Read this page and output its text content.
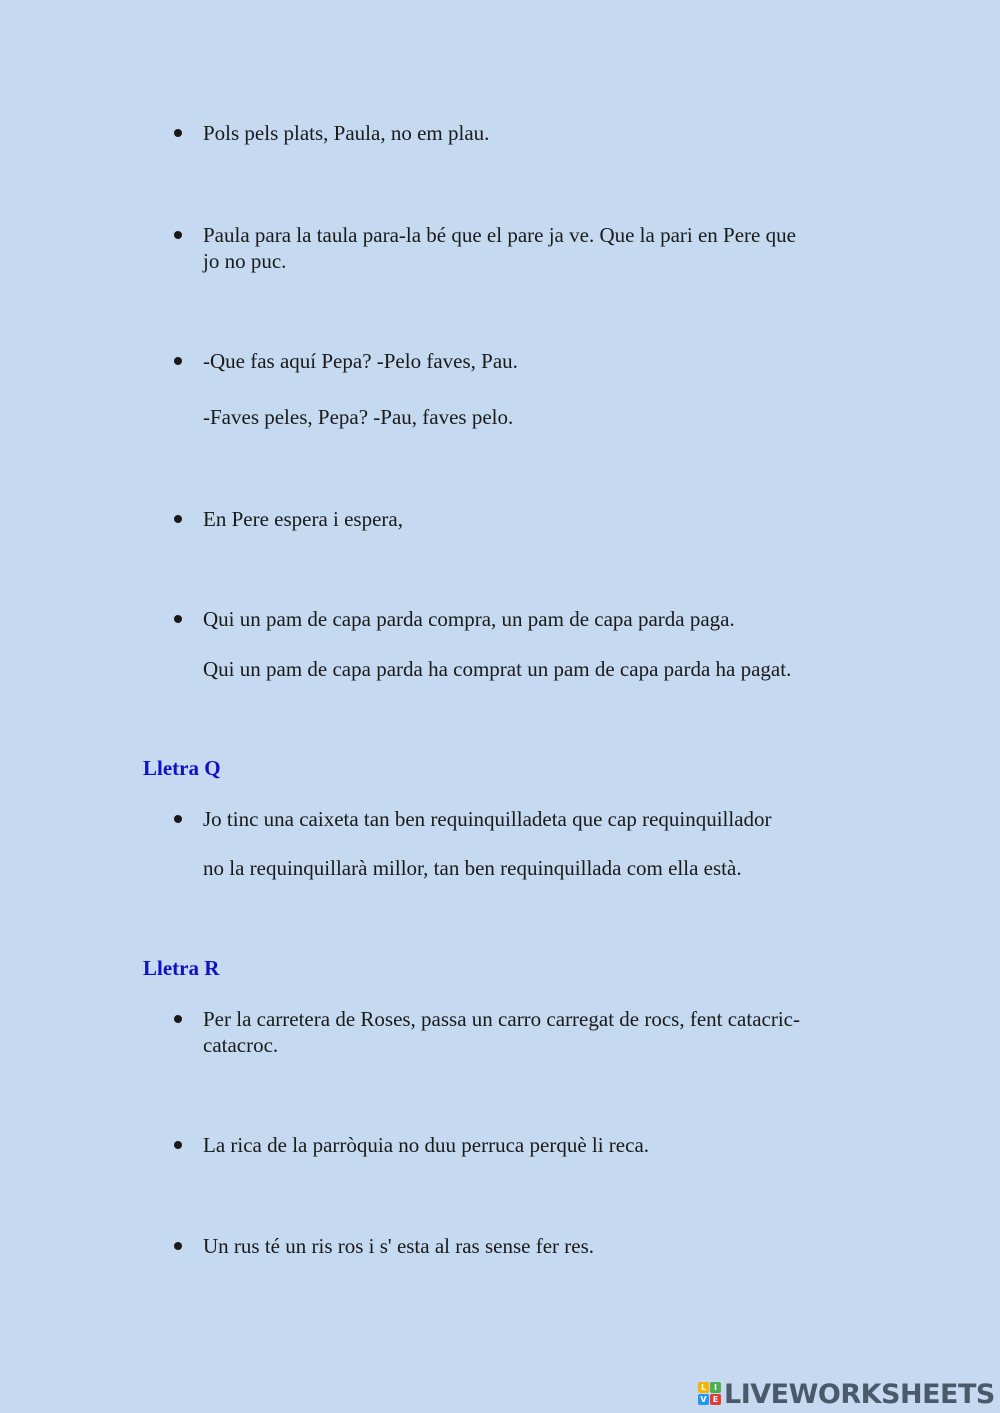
Pols pels plats, Paula, no em plau.
Paula para la taula para-la bé que el pare ja ve. Que la pari en Pere que
jo no puc.
-Que fas aquí Pepa? -Pelo faves, Pau.
-Faves peles, Pepa? -Pau, faves pelo.
En Pere espera i espera,
Qui un pam de capa parda compra, un pam de capa parda paga.
Qui un pam de capa parda ha comprat un pam de capa parda ha pagat.
Lletra Q
Jo tinc una caixeta tan ben requinquilladeta que cap requinquillador
no la requinquillarà millor, tan ben requinquillada com ella està.
Lletra R
Per la carretera de Roses, passa un carro carregat de rocs, fent catacric-
catacroc.
La rica de la parròquia no duu perruca perquè li reca.
Un rus té un ris ros i s' esta al ras sense fer res.
L I
V E LIVEWORKSHEETS
